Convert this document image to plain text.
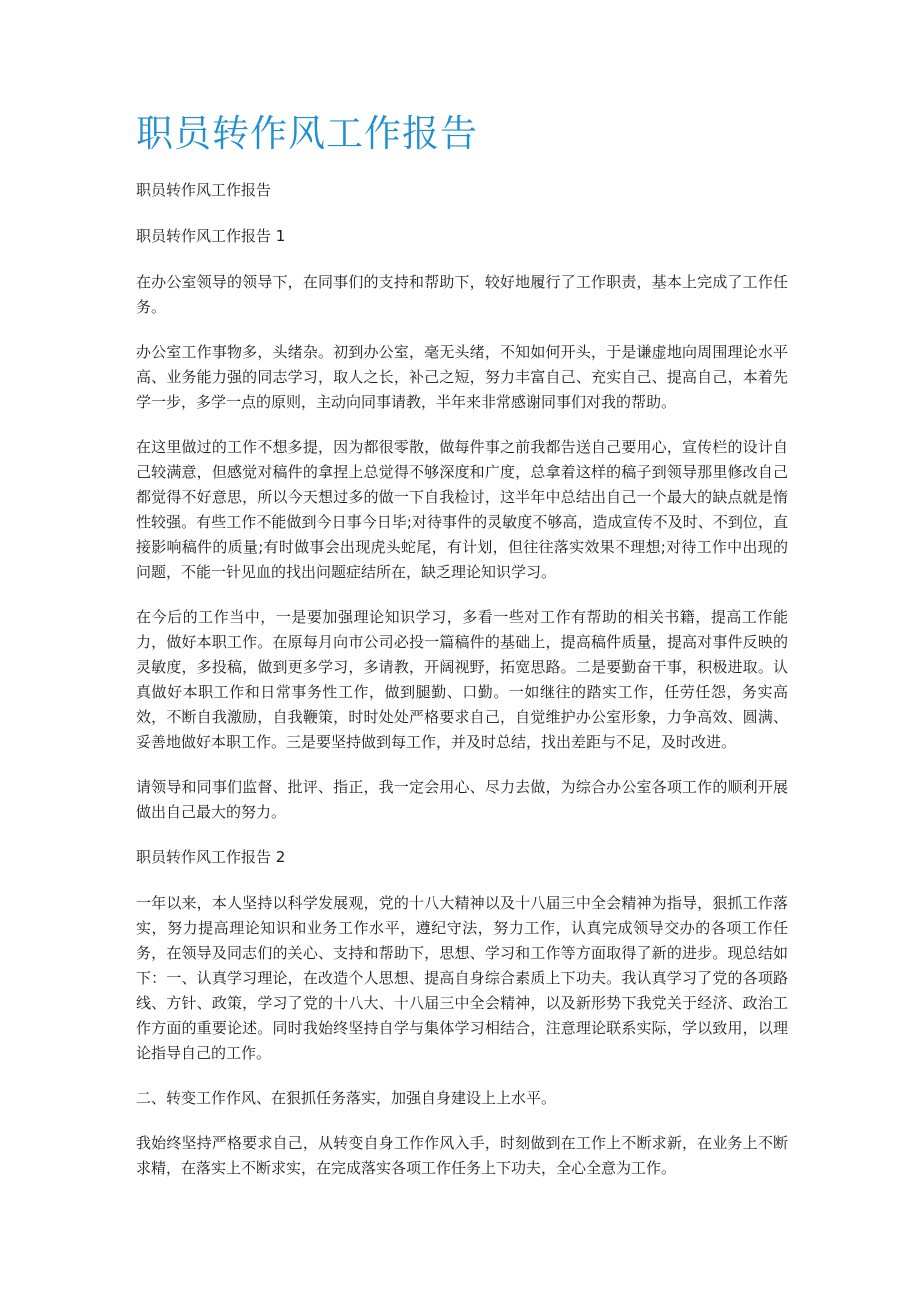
职员转作风工作报告

职员转作风工作报告

职员转作风工作报告 1

在办公室领导的领导下，在同事们的支持和帮助下，较好地履行了工作职责，基本上完成了工作任务。

办公室工作事物多，头绪杂。初到办公室，毫无头绪，不知如何开头，于是谦虚地向周围理论水平高、业务能力强的同志学习，取人之长，补己之短，努力丰富自己、充实自己、提高自己，本着先学一步，多学一点的原则，主动向同事请教，半年来非常感谢同事们对我的帮助。

在这里做过的工作不想多提，因为都很零散，做每件事之前我都告送自己要用心，宣传栏的设计自己较满意，但感觉对稿件的拿捏上总觉得不够深度和广度，总拿着这样的稿子到领导那里修改自己都觉得不好意思，所以今天想过多的做一下自我检讨，这半年中总结出自己一个最大的缺点就是惰性较强。有些工作不能做到今日事今日毕;对待事件的灵敏度不够高，造成宣传不及时、不到位，直接影响稿件的质量;有时做事会出现虎头蛇尾，有计划，但往往落实效果不理想;对待工作中出现的问题，不能一针见血的找出问题症结所在，缺乏理论知识学习。

在今后的工作当中，一是要加强理论知识学习，多看一些对工作有帮助的相关书籍，提高工作能力，做好本职工作。在原每月向市公司必投一篇稿件的基础上，提高稿件质量，提高对事件反映的灵敏度，多投稿，做到更多学习，多请教，开阔视野，拓宽思路。二是要勤奋干事，积极进取。认真做好本职工作和日常事务性工作，做到腿勤、口勤。一如继往的踏实工作，任劳任怨，务实高效，不断自我激励，自我鞭策，时时处处严格要求自己，自觉维护办公室形象，力争高效、圆满、妥善地做好本职工作。三是要坚持做到每工作，并及时总结，找出差距与不足，及时改进。

请领导和同事们监督、批评、指正，我一定会用心、尽力去做，为综合办公室各项工作的顺利开展做出自己最大的努力。

职员转作风工作报告 2

一年以来，本人坚持以科学发展观，党的十八大精神以及十八届三中全会精神为指导，狠抓工作落实，努力提高理论知识和业务工作水平，遵纪守法，努力工作，认真完成领导交办的各项工作任务，在领导及同志们的关心、支持和帮助下，思想、学习和工作等方面取得了新的进步。现总结如下：一、认真学习理论，在改造个人思想、提高自身综合素质上下功夫。我认真学习了党的各项路线、方针、政策，学习了党的十八大、十八届三中全会精神，以及新形势下我党关于经济、政治工作方面的重要论述。同时我始终坚持自学与集体学习相结合，注意理论联系实际，学以致用，以理论指导自己的工作。

二、转变工作作风、在狠抓任务落实，加强自身建设上上水平。

我始终坚持严格要求自己，从转变自身工作作风入手，时刻做到在工作上不断求新，在业务上不断求精，在落实上不断求实，在完成落实各项工作任务上下功夫，全心全意为工作。
